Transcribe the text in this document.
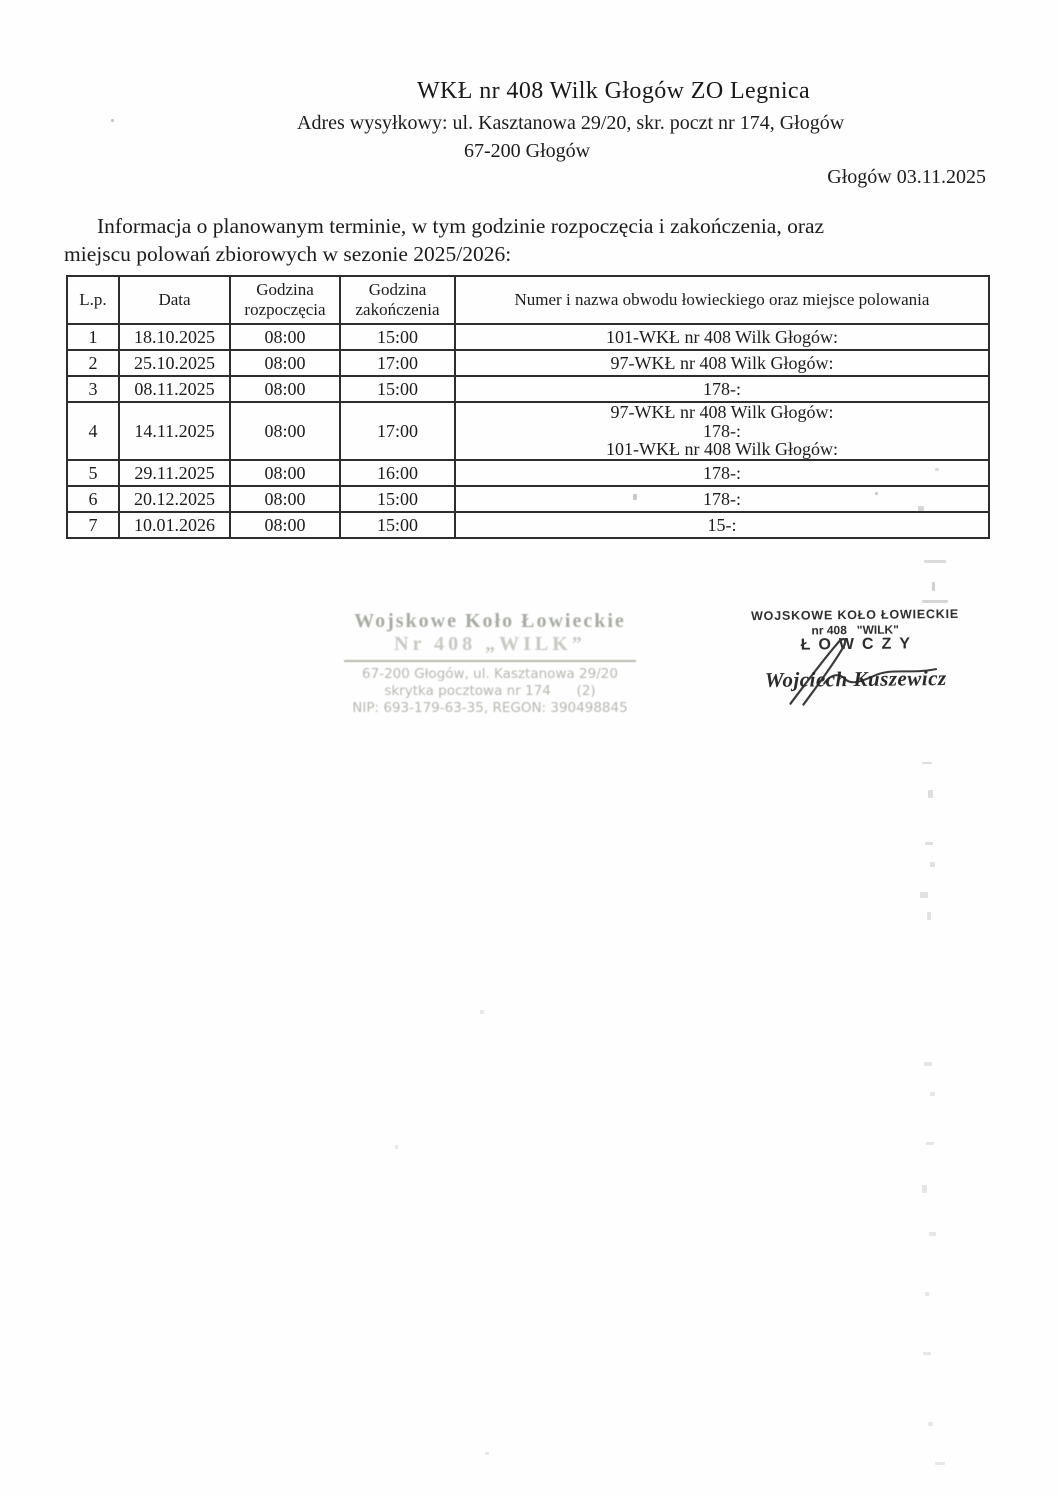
WKŁ nr 408 Wilk Głogów ZO Legnica
Adres wysyłkowy: ul. Kasztanowa 29/20, skr. poczt nr 174, Głogów
67-200 Głogów
Głogów 03.11.2025
Informacja o planowanym terminie, w tym godzinie rozpoczęcia i zakończenia, oraz
miejscu polowań zbiorowych w sezonie 2025/2026:
L.p.	Data	Godzina rozpoczęcia	Godzina zakończenia	Numer i nazwa obwodu łowieckiego oraz miejsce polowania
1	18.10.2025	08:00	15:00	101-WKŁ nr 408 Wilk Głogów:

2	25.10.2025	08:00	17:00	97-WKŁ nr 408 Wilk Głogów:

3	08.11.2025	08:00	15:00	178-:

4	14.11.2025	08:00	17:00	97-WKŁ nr 408 Wilk Głogów:
178-:
101-WKŁ nr 408 Wilk Głogów:

5	29.11.2025	08:00	16:00	178-:

6	20.12.2025	08:00	15:00	178-:

7	10.01.2026	08:00	15:00	15-:
Wojskowe Koło Łowieckie
Nr 408 „WILK”
67-200 Głogów, ul. Kasztanowa 29/20
skrytka pocztowa nr 174      (2)
NIP: 693-179-63-35, REGON: 390498845
WOJSKOWE KOŁO ŁOWIECKIE
nr 408   "WILK"
ŁOWCZY
Wojciech Kuszewicz
